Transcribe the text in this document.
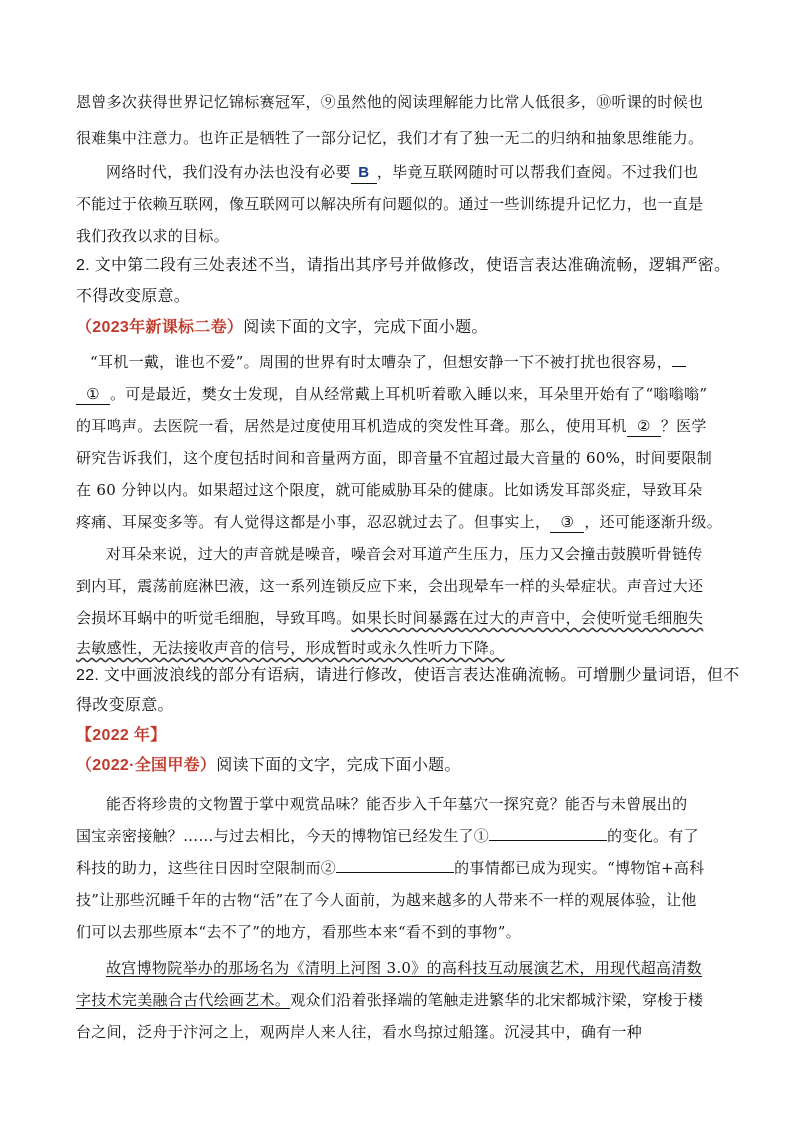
恩曾多次获得世界记忆锦标赛冠军，⑨虽然他的阅读理解能力比常人低很多，⑩听课的时候也
很难集中注意力。也许正是牺牲了一部分记忆，我们才有了独一无二的归纳和抽象思维能力。
网络时代，我们没有办法也没有必要 B ，毕竟互联网随时可以帮我们查阅。不过我们也
不能过于依赖互联网，像互联网可以解决所有问题似的。通过一些训练提升记忆力，也一直是
我们孜孜以求的目标。
2. 文中第二段有三处表述不当，请指出其序号并做修改，使语言表达准确流畅，逻辑严密。
不得改变原意。
（2023年新课标二卷）阅读下面的文字，完成下面小题。
“耳机一戴，谁也不爱”。周围的世界有时太嘈杂了，但想安静一下不被打扰也很容易，
① 。可是最近，樊女士发现，自从经常戴上耳机听着歌入睡以来，耳朵里开始有了“嗡嗡嗡”
的耳鸣声。去医院一看，居然是过度使用耳机造成的突发性耳聋。那么，使用耳机 ② ？医学
研究告诉我们，这个度包括时间和音量两方面，即音量不宜超过最大音量的 60%，时间要限制
在 60 分钟以内。如果超过这个限度，就可能威胁耳朵的健康。比如诱发耳部炎症，导致耳朵
疼痛、耳屎变多等。有人觉得这都是小事，忍忍就过去了。但事实上， ③ ，还可能逐渐升级。
对耳朵来说，过大的声音就是噪音，噪音会对耳道产生压力，压力又会撞击鼓膜听骨链传
到内耳，震荡前庭淋巴液，这一系列连锁反应下来，会出现晕车一样的头晕症状。声音过大还
会损坏耳蜗中的听觉毛细胞，导致耳鸣。如果长时间暴露在过大的声音中，会使听觉毛细胞失
去敏感性，无法接收声音的信号，形成暂时或永久性听力下降。
22. 文中画波浪线的部分有语病，请进行修改，使语言表达准确流畅。可增删少量词语，但不
得改变原意。
【2022 年】
（2022·全国甲卷）阅读下面的文字，完成下面小题。
能否将珍贵的文物置于掌中观赏品味？能否步入千年墓穴一探究竟？能否与未曾展出的
国宝亲密接触？……与过去相比，今天的博物馆已经发生了①	的变化。有了
科技的助力，这些往日因时空限制而②	的事情都已成为现实。“博物馆+高科
技”让那些沉睡千年的古物“活”在了今人面前，为越来越多的人带来不一样的观展体验，让他
们可以去那些原本“去不了”的地方，看那些本来“看不到的事物”。
故宫博物院举办的那场名为《清明上河图 3.0》的高科技互动展演艺术，用现代超高清数
字技术完美融合古代绘画艺术。观众们沿着张择端的笔触走进繁华的北宋都城汴梁，穿梭于楼
台之间，泛舟于汴河之上，观两岸人来人往，看水鸟掠过船篷。沉浸其中，确有一种
